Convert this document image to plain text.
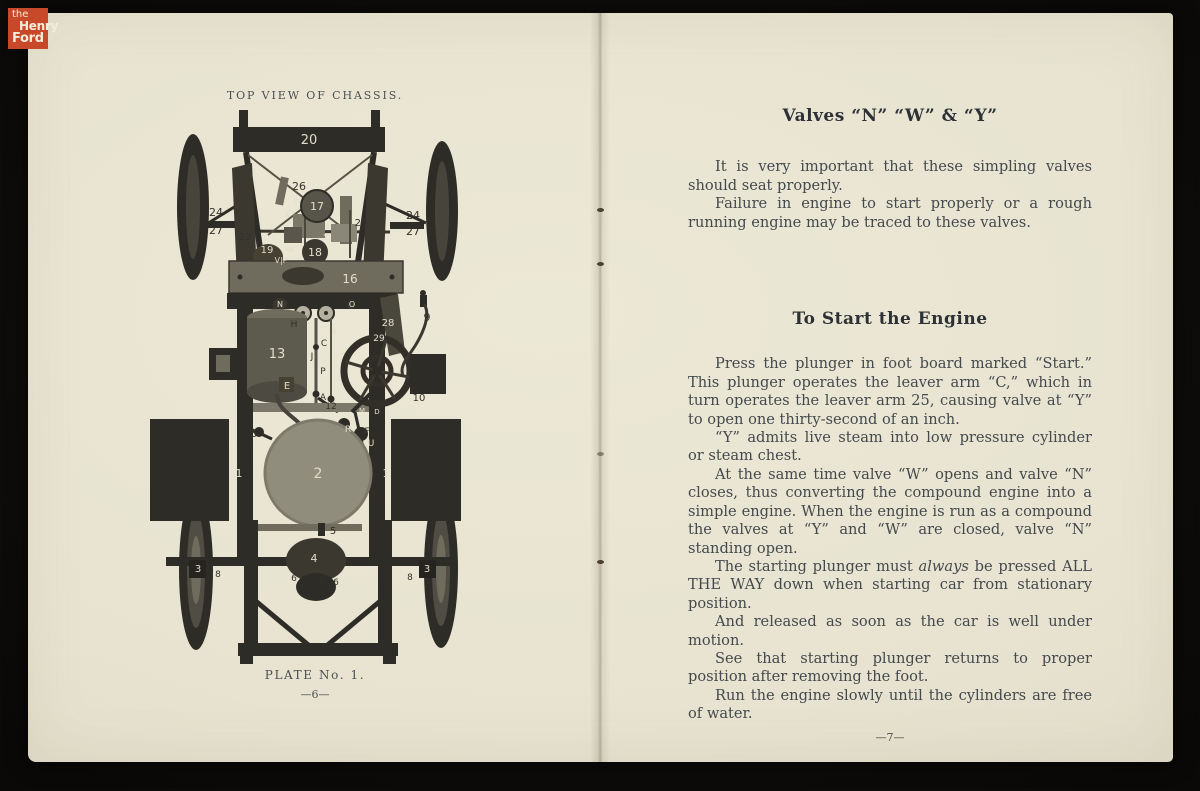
the
Henry
Ford
TOP VIEW OF CHASSIS.
20
26
24
27
24
27
17
T
X
25
23
19	18
Y
W
V|P
16
N	O
H
13
E
B
C
J
P
A
12
28
29
9
10
5
M D
R F
U
1	2	1
5
4
6 7 6
8	8
3	3
PLATE No. 1.
—6—
Valves “N” “W” & “Y”

It is very important that these simpling valves should seat properly.

Failure in engine to start properly or a rough running engine may be traced to these valves.

To Start the Engine

Press the plunger in foot board marked “Start.” This plunger operates the leaver arm “C,” which in turn operates the leaver arm 25, causing valve at “Y” to open one thirty-second of an inch.

“Y” admits live steam into low pressure cylinder or steam chest.

At the same time valve “W” opens and valve “N” closes, thus converting the compound engine into a simple engine. When the engine is run as a compound the valves at “Y” and “W” are closed, valve “N” standing open.

The starting plunger must always be pressed ALL THE WAY down when starting car from stationary position.

And released as soon as the car is well under motion.

See that starting plunger returns to proper position after removing the foot.

Run the engine slowly until the cylinders are free of water.

—7—
